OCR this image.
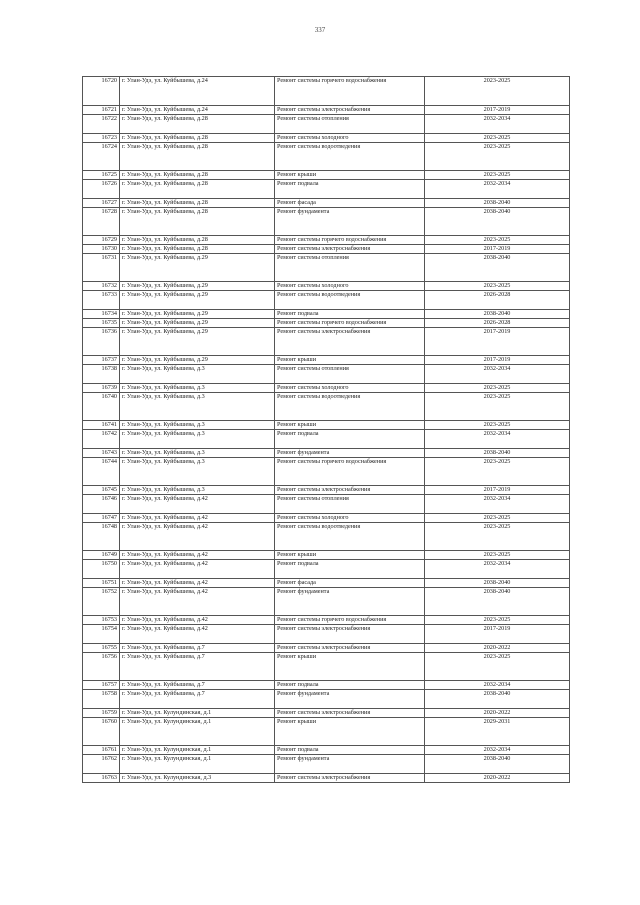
337
16720	г. Улан-Удэ, ул. Куйбышева, д.24	Ремонт системы горячего водоснабжения	2023-2025
16721	г. Улан-Удэ, ул. Куйбышева, д.24	Ремонт системы электроснабжения	2017-2019
16722	г. Улан-Удэ, ул. Куйбышева, д.28	Ремонт системы отопления	2032-2034
16723	г. Улан-Удэ, ул. Куйбышева, д.28	Ремонт системы холодного	2023-2025
16724	г. Улан-Удэ, ул. Куйбышева, д.28	Ремонт системы водоотведения	2023-2025
16725	г. Улан-Удэ, ул. Куйбышева, д.28	Ремонт крыши	2023-2025
16726	г. Улан-Удэ, ул. Куйбышева, д.28	Ремонт подвала	2032-2034
16727	г. Улан-Удэ, ул. Куйбышева, д.28	Ремонт фасада	2038-2040
16728	г. Улан-Удэ, ул. Куйбышева, д.28	Ремонт фундамента	2038-2040
16729	г. Улан-Удэ, ул. Куйбышева, д.28	Ремонт системы горячего водоснабжения	2023-2025
16730	г. Улан-Удэ, ул. Куйбышева, д.28	Ремонт системы электроснабжения	2017-2019
16731	г. Улан-Удэ, ул. Куйбышева, д.29	Ремонт системы отопления	2038-2040
16732	г. Улан-Удэ, ул. Куйбышева, д.29	Ремонт системы холодного	2023-2025
16733	г. Улан-Удэ, ул. Куйбышева, д.29	Ремонт системы водоотведения	2026-2028
16734	г. Улан-Удэ, ул. Куйбышева, д.29	Ремонт подвала	2038-2040
16735	г. Улан-Удэ, ул. Куйбышева, д.29	Ремонт системы горячего водоснабжения	2026-2028
16736	г. Улан-Удэ, ул. Куйбышева, д.29	Ремонт системы электроснабжения	2017-2019
16737	г. Улан-Удэ, ул. Куйбышева, д.29	Ремонт крыши	2017-2019
16738	г. Улан-Удэ, ул. Куйбышева, д.3	Ремонт системы отопления	2032-2034
16739	г. Улан-Удэ, ул. Куйбышева, д.3	Ремонт системы холодного	2023-2025
16740	г. Улан-Удэ, ул. Куйбышева, д.3	Ремонт системы водоотведения	2023-2025
16741	г. Улан-Удэ, ул. Куйбышева, д.3	Ремонт крыши	2023-2025
16742	г. Улан-Удэ, ул. Куйбышева, д.3	Ремонт подвала	2032-2034
16743	г. Улан-Удэ, ул. Куйбышева, д.3	Ремонт фундамента	2038-2040
16744	г. Улан-Удэ, ул. Куйбышева, д.3	Ремонт системы горячего водоснабжения	2023-2025
16745	г. Улан-Удэ, ул. Куйбышева, д.3	Ремонт системы электроснабжения	2017-2019
16746	г. Улан-Удэ, ул. Куйбышева, д.42	Ремонт системы отопления	2032-2034
16747	г. Улан-Удэ, ул. Куйбышева, д.42	Ремонт системы холодного	2023-2025
16748	г. Улан-Удэ, ул. Куйбышева, д.42	Ремонт системы водоотведения	2023-2025
16749	г. Улан-Удэ, ул. Куйбышева, д.42	Ремонт крыши	2023-2025
16750	г. Улан-Удэ, ул. Куйбышева, д.42	Ремонт подвала	2032-2034
16751	г. Улан-Удэ, ул. Куйбышева, д.42	Ремонт фасада	2038-2040
16752	г. Улан-Удэ, ул. Куйбышева, д.42	Ремонт фундамента	2038-2040
16753	г. Улан-Удэ, ул. Куйбышева, д.42	Ремонт системы горячего водоснабжения	2023-2025
16754	г. Улан-Удэ, ул. Куйбышева, д.42	Ремонт системы электроснабжения	2017-2019
16755	г. Улан-Удэ, ул. Куйбышева, д.7	Ремонт системы электроснабжения	2020-2022
16756	г. Улан-Удэ, ул. Куйбышева, д.7	Ремонт крыши	2023-2025
16757	г. Улан-Удэ, ул. Куйбышева, д.7	Ремонт подвала	2032-2034
16758	г. Улан-Удэ, ул. Куйбышева, д.7	Ремонт фундамента	2038-2040
16759	г. Улан-Удэ, ул. Кулундинская, д.1	Ремонт системы электроснабжения	2020-2022
16760	г. Улан-Удэ, ул. Кулундинская, д.1	Ремонт крыши	2029-2031
16761	г. Улан-Удэ, ул. Кулундинская, д.1	Ремонт подвала	2032-2034
16762	г. Улан-Удэ, ул. Кулундинская, д.1	Ремонт фундамента	2038-2040
16763	г. Улан-Удэ, ул. Кулундинская, д.3	Ремонт системы электроснабжения	2020-2022
